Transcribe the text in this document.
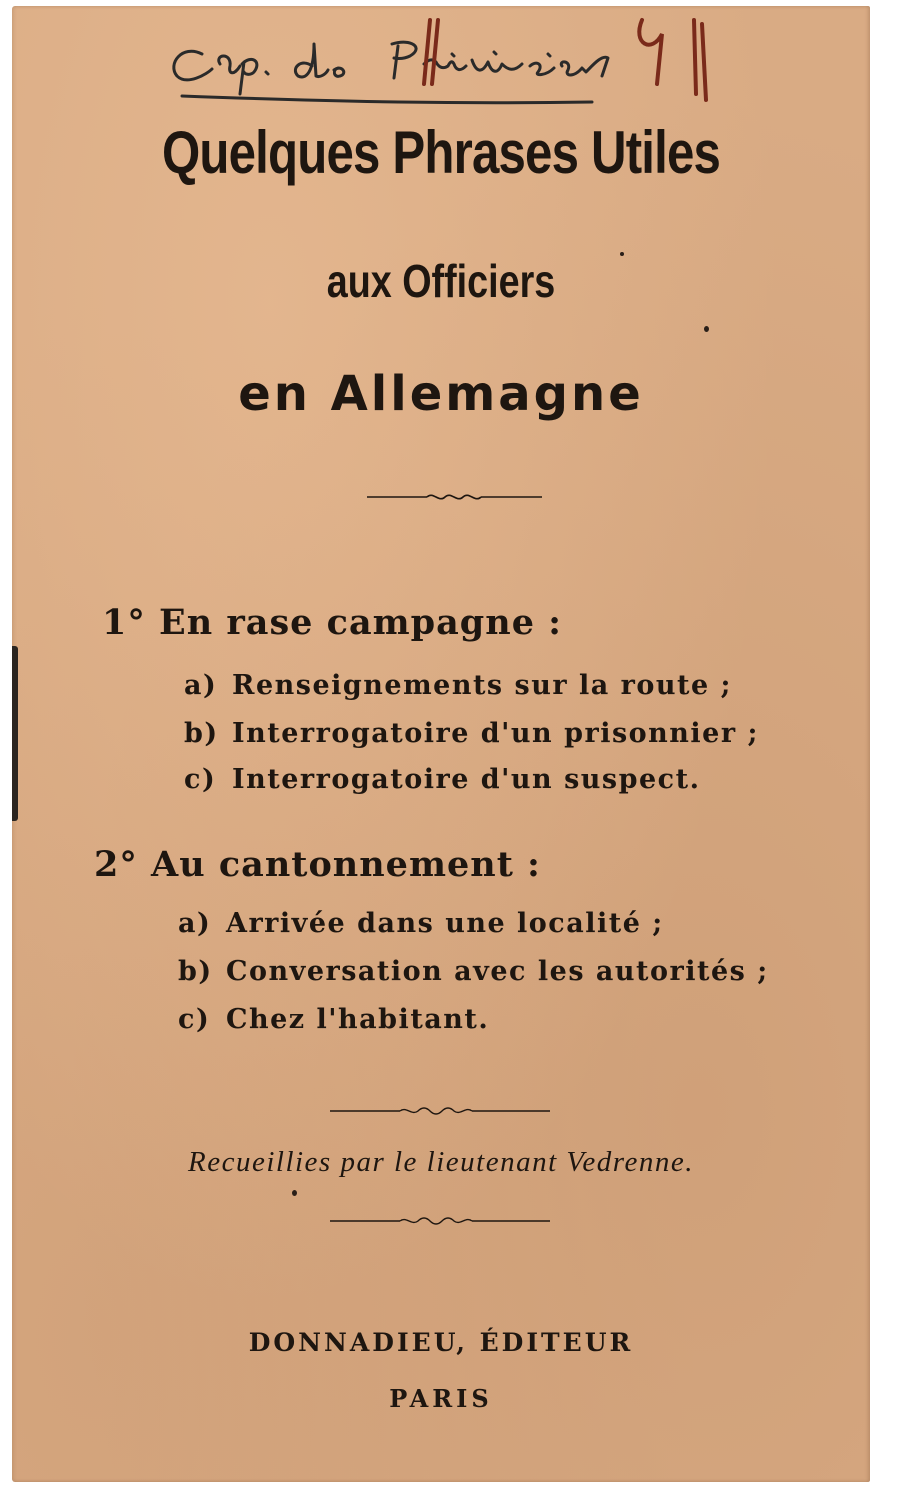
Quelques Phrases Utiles
aux Officiers
en Allemagne
1° En rase campagne :
a) Renseignements sur la route ;
b) Interrogatoire d'un prisonnier ;
c) Interrogatoire d'un suspect.
2° Au cantonnement :
a) Arrivée dans une localité ;
b) Conversation avec les autorités ;
c) Chez l'habitant.
Recueillies par le lieutenant Vedrenne.
DONNADIEU, ÉDITEUR
PARIS
